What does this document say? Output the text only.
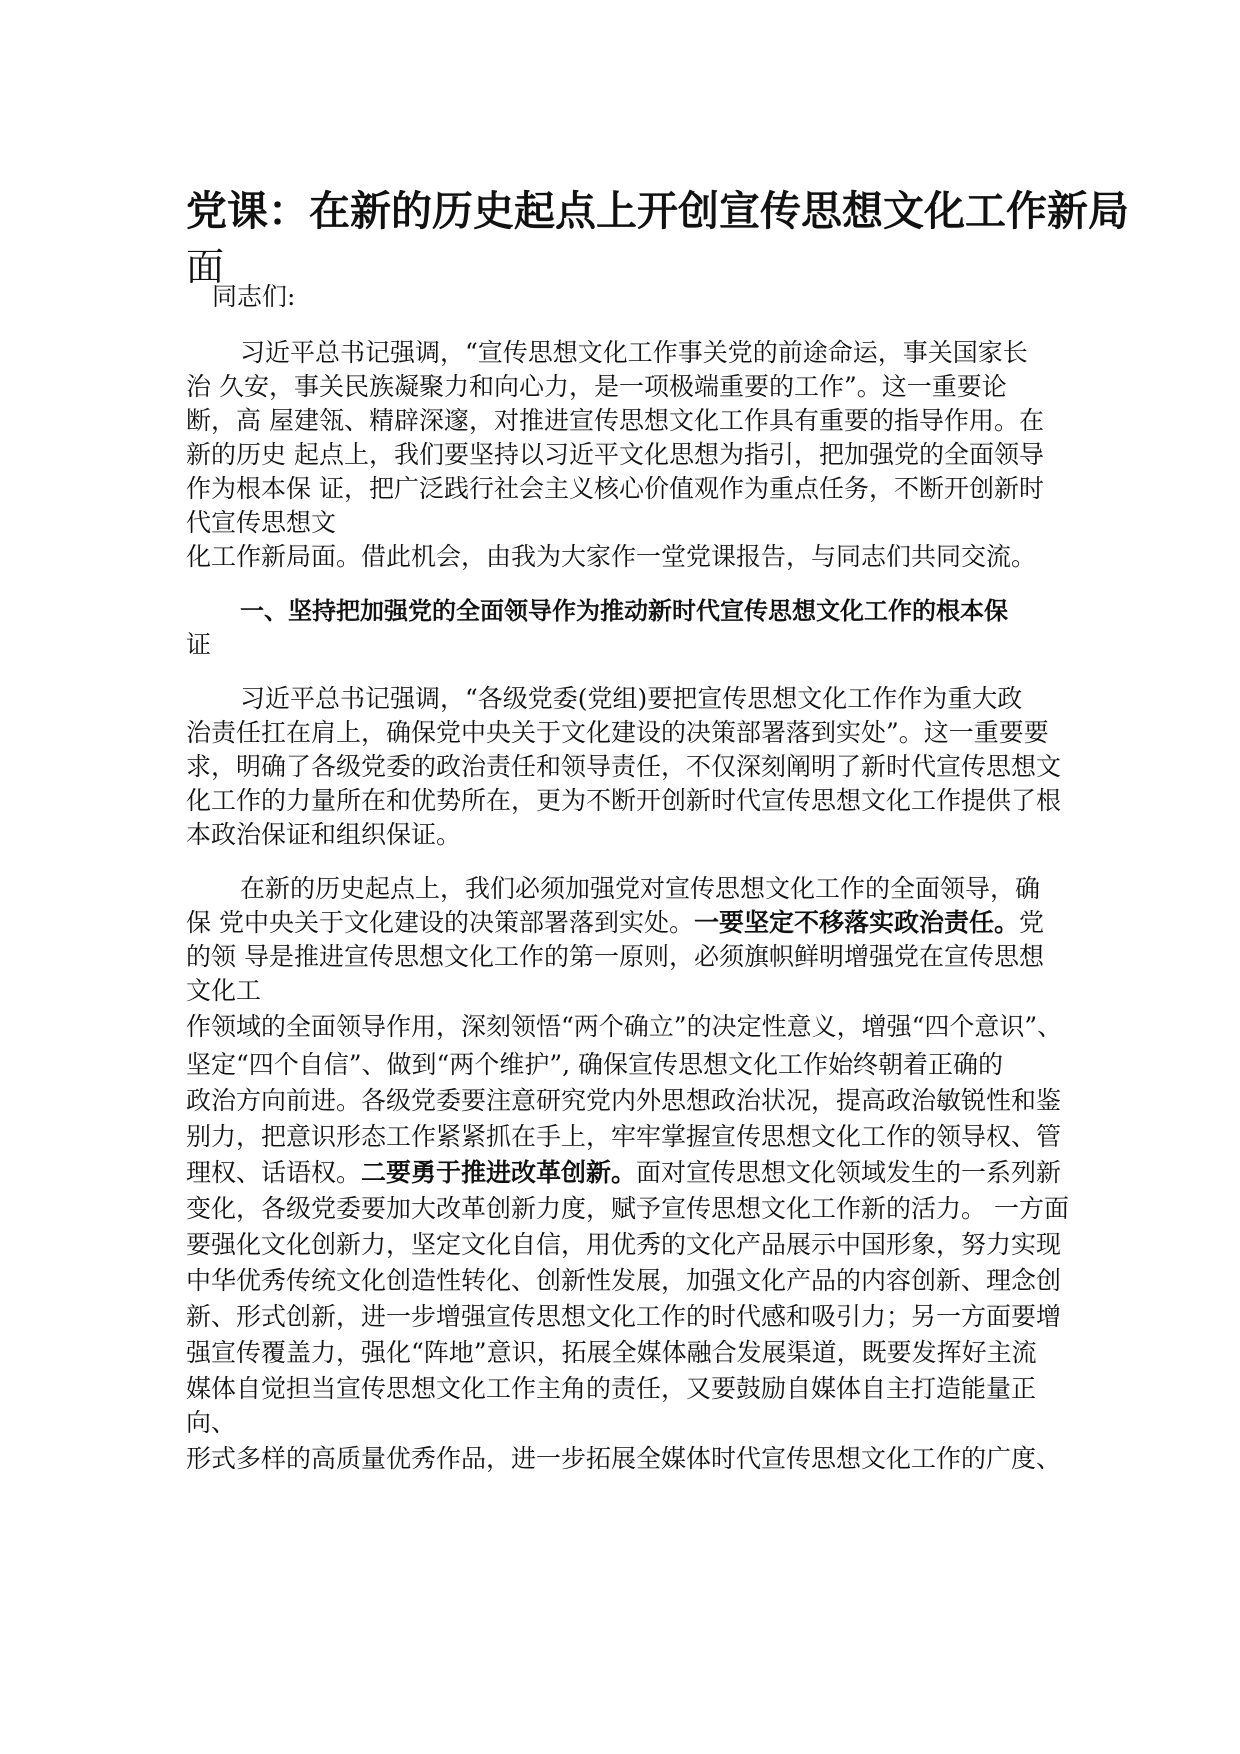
党课：在新的历史起点上开创宣传思想文化工作新局
面
同志们:
习近平总书记强调，“宣传思想文化工作事关党的前途命运，事关国家长
治 久安，事关民族凝聚力和向心力，是一项极端重要的工作”。这一重要论
断，高 屋建瓴、精辟深邃，对推进宣传思想文化工作具有重要的指导作用。在
新的历史 起点上，我们要坚持以习近平文化思想为指引，把加强党的全面领导
作为根本保 证，把广泛践行社会主义核心价值观作为重点任务，不断开创新时
代宣传思想文
化工作新局面。借此机会，由我为大家作一堂党课报告，与同志们共同交流。
一、坚持把加强党的全面领导作为推动新时代宣传思想文化工作的根本保
证
习近平总书记强调，“各级党委(党组)要把宣传思想文化工作作为重大政
治责任扛在肩上，确保党中央关于文化建设的决策部署落到实处”。这一重要要
求，明确了各级党委的政治责任和领导责任，不仅深刻阐明了新时代宣传思想文
化工作的力量所在和优势所在，更为不断开创新时代宣传思想文化工作提供了根
本政治保证和组织保证。
在新的历史起点上，我们必须加强党对宣传思想文化工作的全面领导，确
保 党中央关于文化建设的决策部署落到实处。一要坚定不移落实政治责任。党
的领 导是推进宣传思想文化工作的第一原则，必须旗帜鲜明增强党在宣传思想
文化工
作领域的全面领导作用，深刻领悟“两个确立”的决定性意义，增强“四个意识”、
坚定“四个自信”、做到“两个维护”, 确保宣传思想文化工作始终朝着正确的
政治方向前进。各级党委要注意研究党内外思想政治状况，提高政治敏锐性和鉴
别力，把意识形态工作紧紧抓在手上，牢牢掌握宣传思想文化工作的领导权、管
理权、话语权。二要勇于推进改革创新。面对宣传思想文化领域发生的一系列新
变化，各级党委要加大改革创新力度，赋予宣传思想文化工作新的活力。 一方面
要强化文化创新力，坚定文化自信，用优秀的文化产品展示中国形象，努力实现
中华优秀传统文化创造性转化、创新性发展，加强文化产品的内容创新、理念创
新、形式创新，进一步增强宣传思想文化工作的时代感和吸引力；另一方面要增
强宣传覆盖力，强化“阵地”意识，拓展全媒体融合发展渠道，既要发挥好主流
媒体自觉担当宣传思想文化工作主角的责任，又要鼓励自媒体自主打造能量正
向、
形式多样的高质量优秀作品，进一步拓展全媒体时代宣传思想文化工作的广度、
